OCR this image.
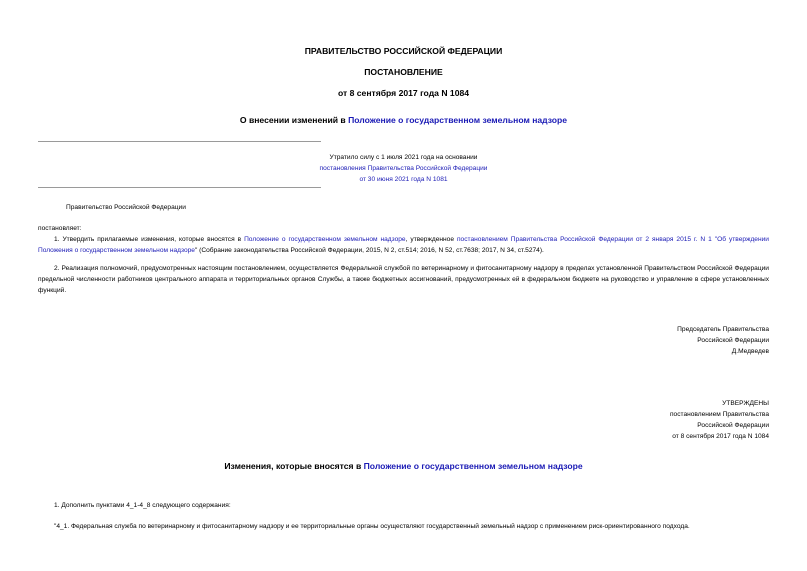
ПРАВИТЕЛЬСТВО РОССИЙСКОЙ ФЕДЕРАЦИИ
ПОСТАНОВЛЕНИЕ
от 8 сентября 2017 года N 1084
О внесении изменений в Положение о государственном земельном надзоре
Утратило силу с 1 июля 2021 года на основании
постановления Правительства Российской Федерации
от 30 июня 2021 года N 1081
Правительство Российской Федерации
постановляет:
1. Утвердить прилагаемые изменения, которые вносятся в Положение о государственном земельном надзоре, утвержденное постановлением Правительства Российской Федерации от 2 января 2015 г. N 1 "Об утверждении Положения о государственном земельном надзоре" (Собрание законодательства Российской Федерации, 2015, N 2, ст.514; 2016, N 52, ст.7638; 2017, N 34, ст.5274).
2. Реализация полномочий, предусмотренных настоящим постановлением, осуществляется Федеральной службой по ветеринарному и фитосанитарному надзору в пределах установленной Правительством Российской Федерации предельной численности работников центрального аппарата и территориальных органов Службы, а также бюджетных ассигнований, предусмотренных ей в федеральном бюджете на руководство и управление в сфере установленных функций.
Председатель Правительства
Российской Федерации
Д.Медведев
УТВЕРЖДЕНЫ
постановлением Правительства
Российской Федерации
от 8 сентября 2017 года N 1084
Изменения, которые вносятся в Положение о государственном земельном надзоре
1. Дополнить пунктами 4_1-4_8 следующего содержания:
"4_1. Федеральная служба по ветеринарному и фитосанитарному надзору и ее территориальные органы осуществляют государственный земельный надзор с применением риск-ориентированного подхода.
